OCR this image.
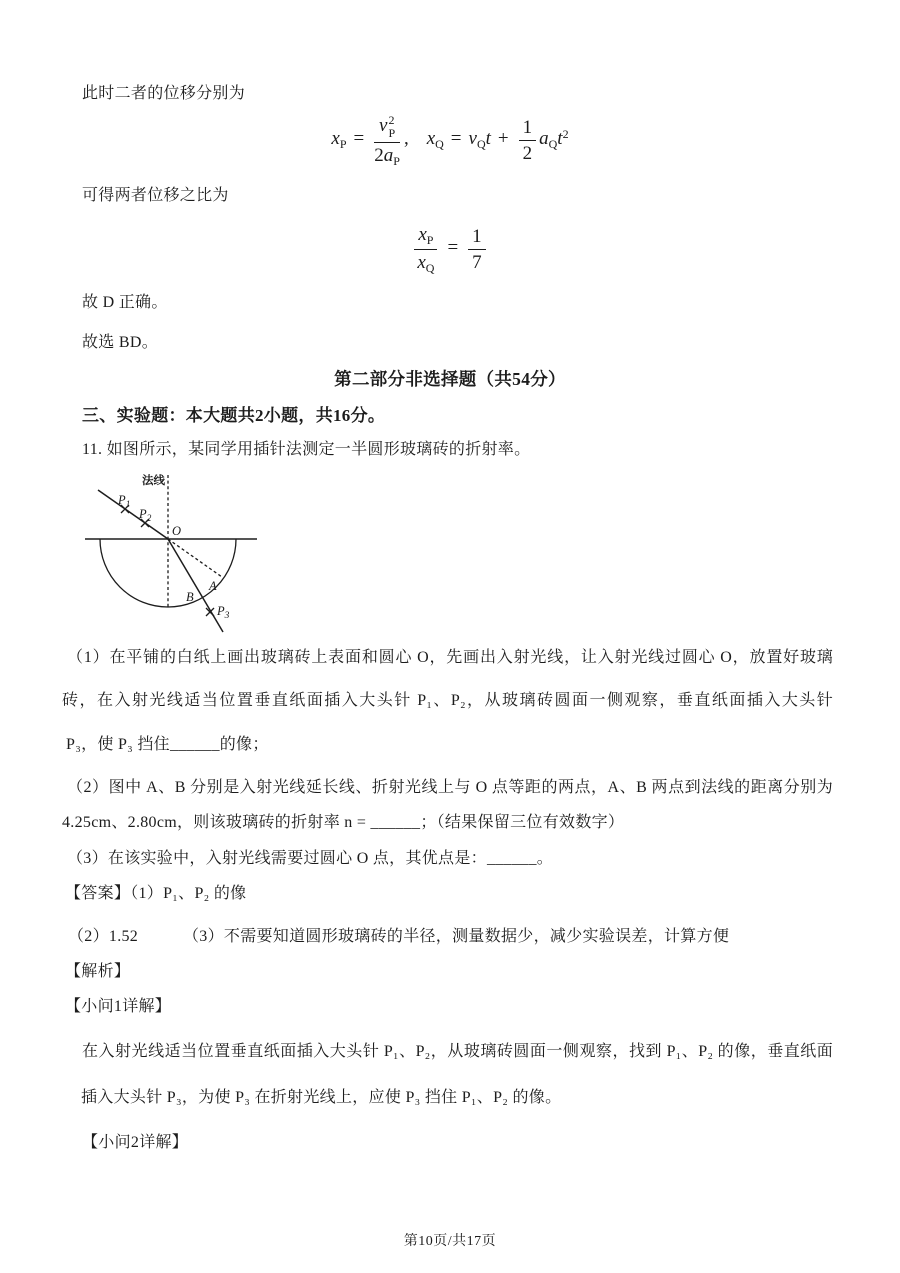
此时二者的位移分别为
$x_P = v$ 2
P
$2a_P$ , $x_Q = v_Qt + \frac{1}{2} a_Qt^2$
可得两者位移之比为
$\frac{x_P}{x_Q} = \frac{1}{7}$
故 D 正确。
故选 BD。
第二部分非选择题（共54分）
三、实验题：本大题共2小题，共16分。
11. 如图所示，某同学用插针法测定一半圆形玻璃砖的折射率。
法线
$P_1$
$P_2$
O
A
B
$P_3$
（1）在平铺的白纸上画出玻璃砖上表面和圆心 O，先画出入射光线，让入射光线过圆心 O，放置好玻璃
砖，在入射光线适当位置垂直纸面插入大头针 P₁、P₂，从玻璃砖圆面一侧观察，垂直纸面插入大头针
P₃，使 P₃ 挡住______的像；
（2）图中 A、B 分别是入射光线延长线、折射光线上与 O 点等距的两点，A、B 两点到法线的距离分别为
4.25cm、2.80cm，则该玻璃砖的折射率 n = ______；（结果保留三位有效数字）
（3）在该实验中，入射光线需要过圆心 O 点，其优点是：______。
【答案】（1）P₁、P₂ 的像
（2）1.52	（3）不需要知道圆形玻璃砖的半径，测量数据少，减少实验误差，计算方便
【解析】
【小问1详解】
在入射光线适当位置垂直纸面插入大头针 P₁、P₂，从玻璃砖圆面一侧观察，找到 P₁、P₂ 的像，垂直纸面
插入大头针 P₃，为使 P₃ 在折射光线上，应使 P₃ 挡住 P₁、P₂ 的像。
【小问2详解】
第10页/共17页
